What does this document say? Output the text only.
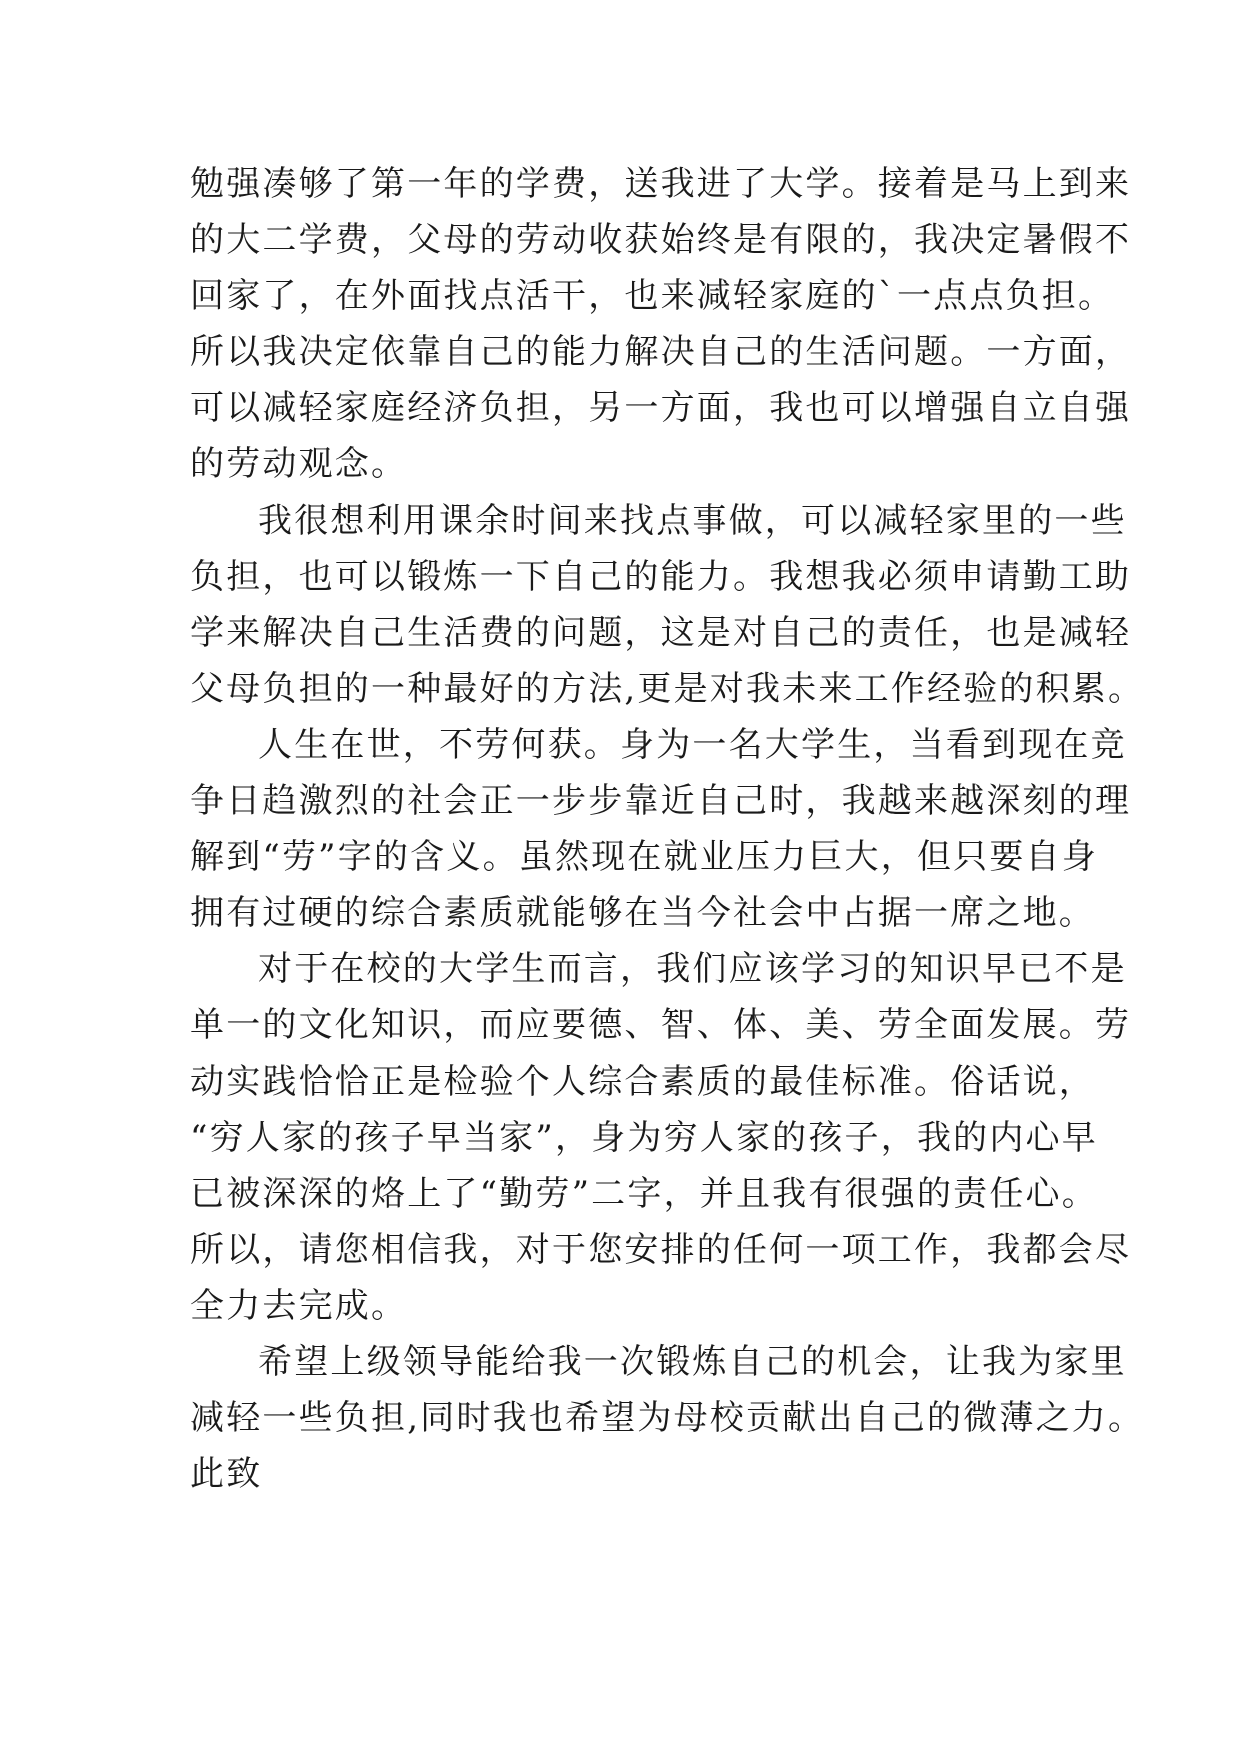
勉强凑够了第一年的学费，送我进了大学。接着是马上到来
的大二学费，父母的劳动收获始终是有限的，我决定暑假不
回家了，在外面找点活干，也来减轻家庭的`一点点负担。
所以我决定依靠自己的能力解决自己的生活问题。一方面，
可以减轻家庭经济负担，另一方面，我也可以增强自立自强
的劳动观念。
我很想利用课余时间来找点事做，可以减轻家里的一些
负担，也可以锻炼一下自己的能力。我想我必须申请勤工助
学来解决自己生活费的问题，这是对自己的责任，也是减轻
父母负担的一种最好的方法,更是对我未来工作经验的积累。
人生在世，不劳何获。身为一名大学生，当看到现在竞
争日趋激烈的社会正一步步靠近自己时，我越来越深刻的理
解到“劳”字的含义。虽然现在就业压力巨大，但只要自身
拥有过硬的综合素质就能够在当今社会中占据一席之地。
对于在校的大学生而言，我们应该学习的知识早已不是
单一的文化知识，而应要德、智、体、美、劳全面发展。劳
动实践恰恰正是检验个人综合素质的最佳标准。俗话说，
“穷人家的孩子早当家”，身为穷人家的孩子，我的内心早
已被深深的烙上了“勤劳”二字，并且我有很强的责任心。
所以，请您相信我，对于您安排的任何一项工作，我都会尽
全力去完成。
希望上级领导能给我一次锻炼自己的机会，让我为家里
减轻一些负担,同时我也希望为母校贡献出自己的微薄之力。
此致
